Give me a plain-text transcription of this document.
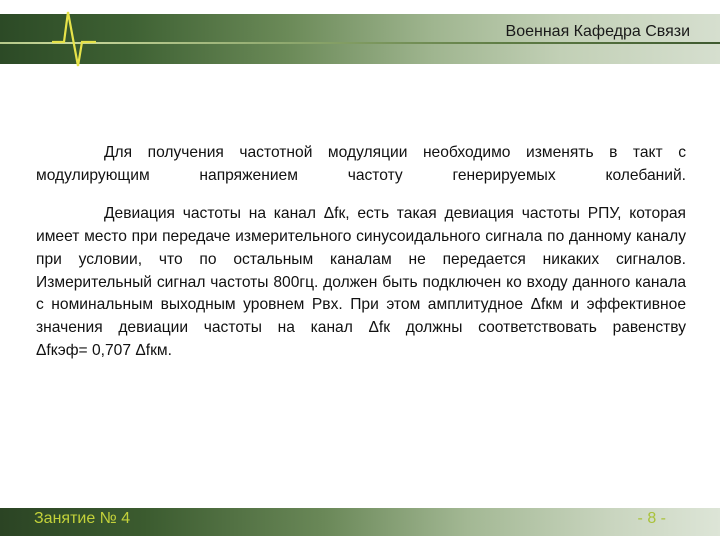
Военная Кафедра Связи

Для получения частотной модуляции необходимо изменять в такт с модулирующим напряжением частоту генерируемых колебаний.

Девиация частоты на канал Δfк, есть такая девиация частоты РПУ, которая имеет место при передаче измерительного синусоидального сигнала по данному каналу при условии, что по остальным каналам не передается никаких сигналов. Измерительный сигнал частоты 800гц. должен быть подключен ко входу данного канала с номинальным выходным уровнем Рвх. При этом амплитудное Δfкм и эффективное значения девиации частоты на канал Δfк должны соответствовать равенству

Δfкэф= 0,707 Δfкм.
Занятие № 4	- 8 -
